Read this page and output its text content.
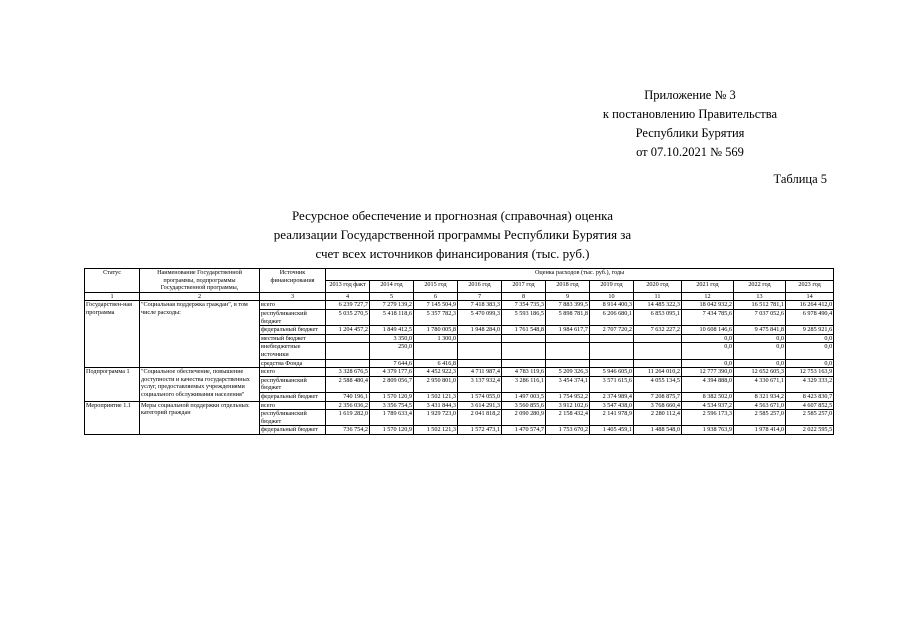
Приложение № 3
к постановлению Правительства
Республики Бурятия
от 07.10.2021 № 569
Таблица 5
Ресурсное обеспечение и прогнозная (справочная) оценка
реализации Государственной программы Республики Бурятия за
счет всех источников финансирования (тыс. руб.)
Статус	Наименование Государственной программы, подпрограммы Государственной программы,	Источник финансирования	Оценка расходов (тыс. руб.), годы										
			2013 год факт	2014 год	2015 год	2016 год	2017 год	2018 год	2019 год	2020 год	2021 год	2022 год	2023 год
1	2	3	4	5	6	7	8	9	10	11	12	13	14
Государствен-ная программа	"Социальная поддержка граждан", в том числе расходы:	всего	6 239 727,7	7 279 139,2	7 145 504,9	7 418 383,3	7 354 735,3	7 883 399,5	8 914 400,3	14 485 322,3	18 042 932,2	16 512 781,1	16 264 412,0
		республиканский бюджет	5 035 270,5	5 418 118,6	5 357 782,3	5 470 099,3	5 593 186,5	5 898 781,8	6 206 680,1	6 853 095,1	7 434 785,6	7 037 052,6	6 978 490,4
		федеральный бюджет	1 204 457,2	1 849 412,5	1 780 005,8	1 948 284,0	1 761 548,8	1 984 617,7	2 707 720,2	7 632 227,2	10 608 146,6	9 475 841,8	9 285 921,6
		местный бюджет		3 350,0	1 300,0						0,0	0,0	0,0
		внебюджетные источники		250,0							0,0	0,0	0,0
		средства Фонда		7 644,6	6 416,8						0,0	0,0	0,0
Подпрограмма 1	"Социальное обеспечение, повышение доступности и качества государственных услуг, предоставляемых учреждениями социального обслуживания населения"	всего	3 328 676,5	4 379 177,6	4 452 922,3	4 711 987,4	4 783 119,6	5 209 326,3	5 946 605,0	11 264 010,2	12 777 390,0	12 652 605,3	12 753 163,9
		республиканский бюджет	2 588 480,4	2 809 056,7	2 950 801,0	3 137 932,4	3 286 116,1	3 454 374,1	3 571 615,6	4 055 134,5	4 394 888,0	4 330 671,1	4 329 333,2
		федеральный бюджет	740 196,1	1 570 120,9	1 502 121,3	1 574 055,0	1 497 003,5	1 754 952,2	2 374 989,4	7 208 875,7	8 382 502,0	8 321 934,2	8 423 830,7
Мероприятие 1.1	Меры социальной поддержки отдельных категорий граждан	всего	2 356 036,2	3 356 754,5	3 431 844,3	3 614 291,3	3 560 855,6	3 912 102,6	3 547 438,0	3 768 660,4	4 534 937,2	4 563 671,0	4 607 852,5
		республиканский бюджет	1 619 282,0	1 789 633,4	1 929 723,0	2 041 818,2	2 090 280,9	2 158 432,4	2 141 978,9	2 280 112,4	2 596 173,3	2 585 257,0	2 585 257,0
		федеральный бюджет	736 754,2	1 570 120,9	1 502 121,3	1 572 473,1	1 470 574,7	1 753 670,2	1 405 459,1	1 488 548,0	1 938 763,9	1 978 414,0	2 022 595,5
